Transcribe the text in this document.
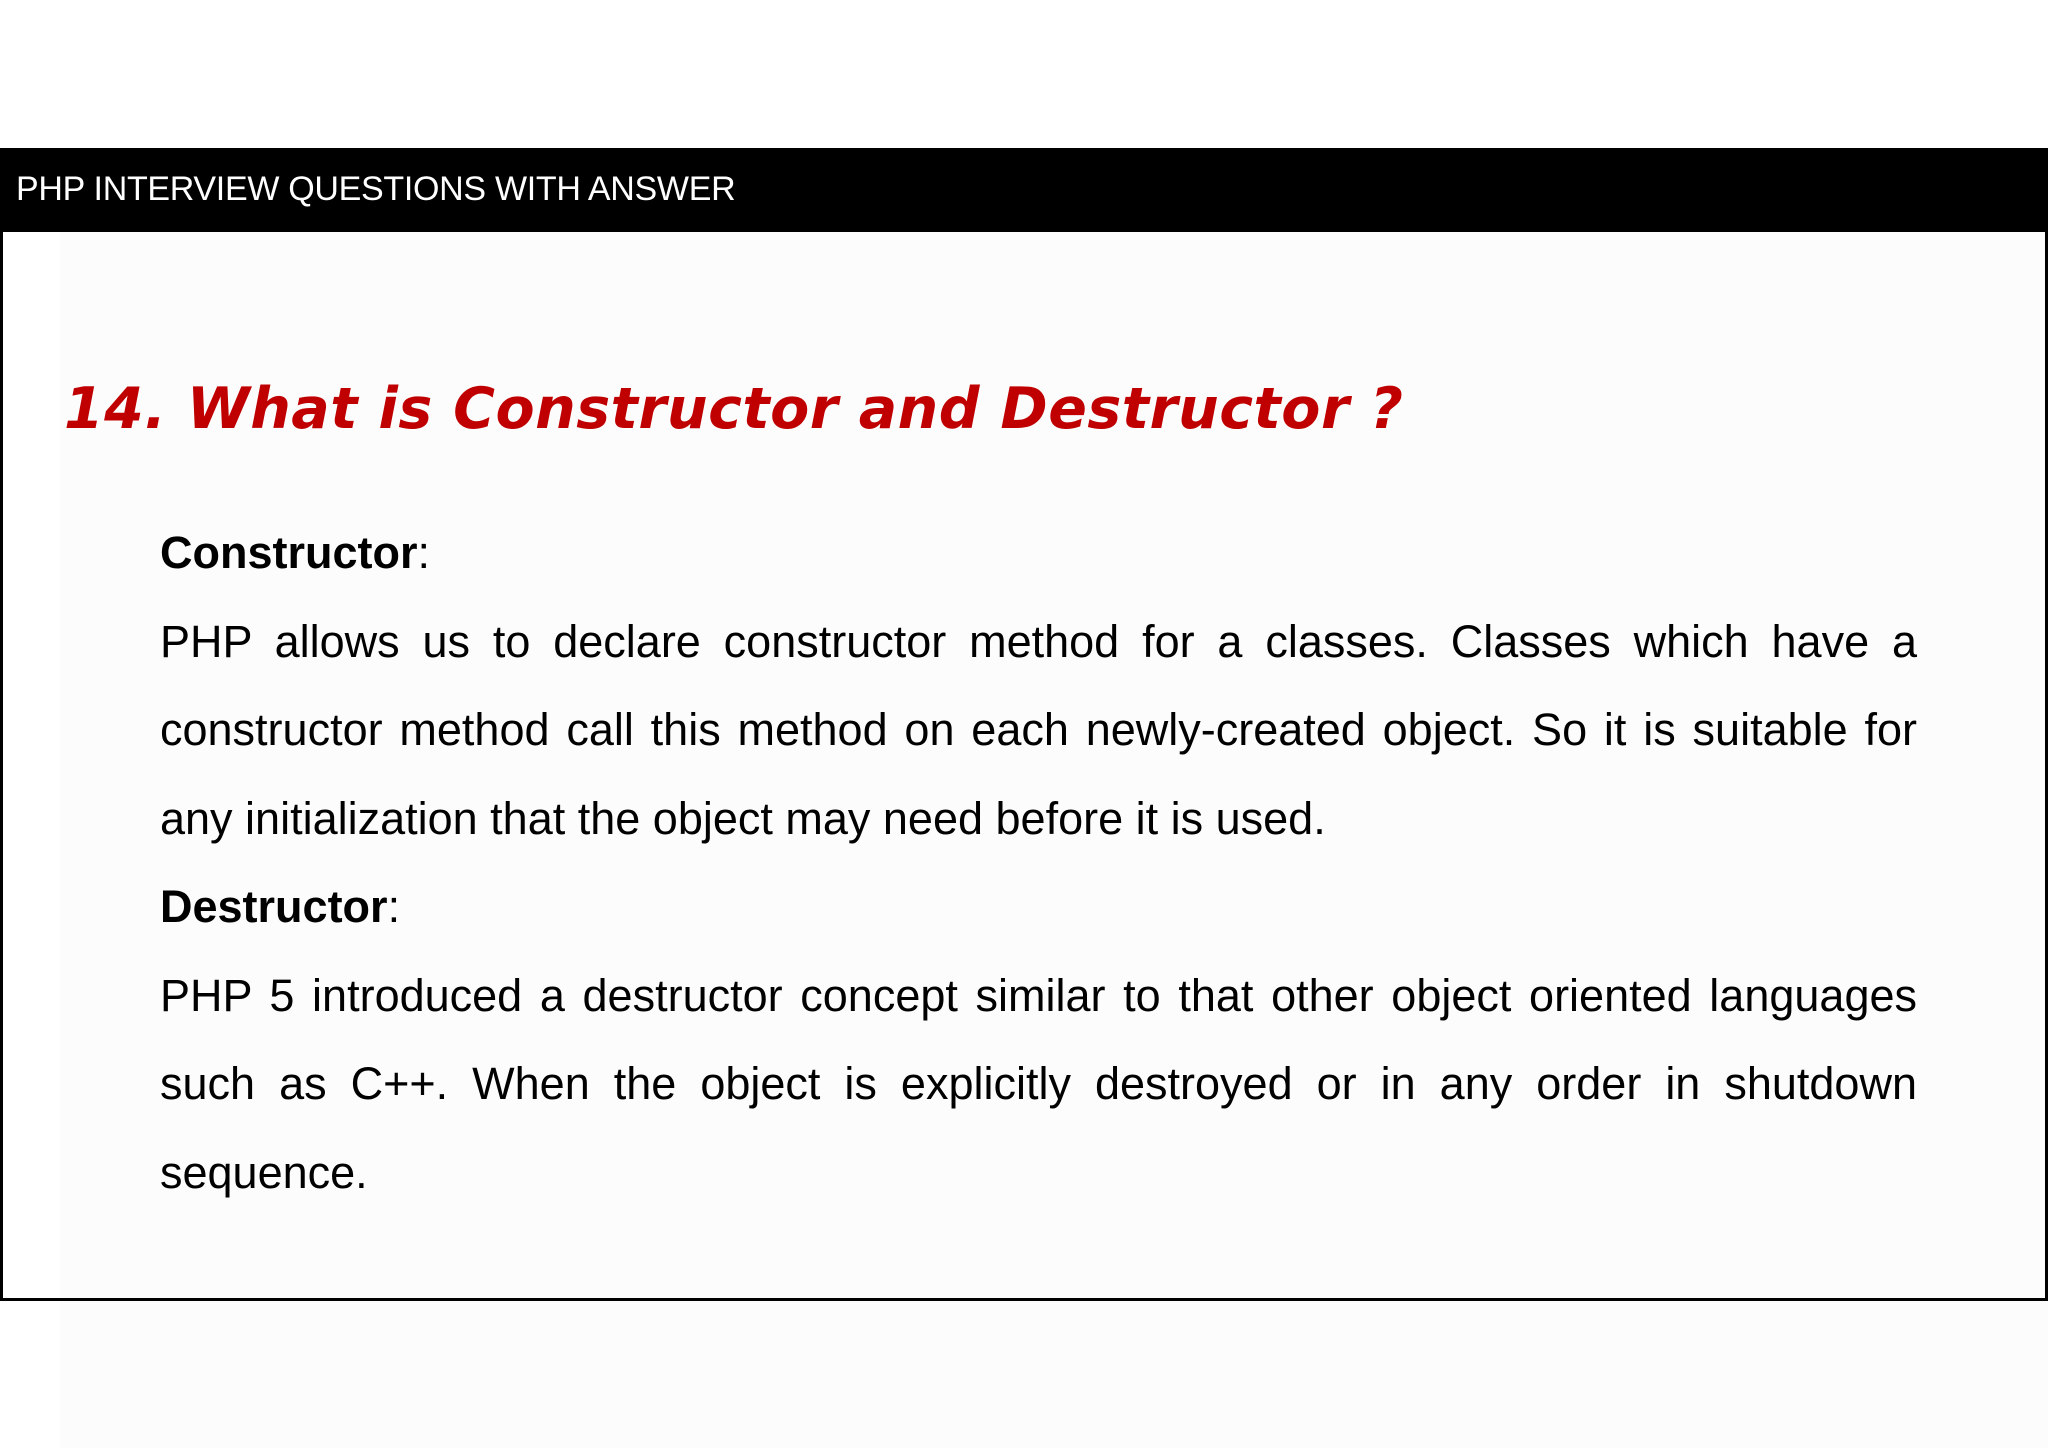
PHP INTERVIEW QUESTIONS WITH ANSWER
14. What is Constructor and Destructor ?

Constructor:

PHP allows us to declare constructor method for a classes. Classes which have a constructor method call this method on each newly-created object. So it is suitable for any initialization that the object may need before it is used.

Destructor:

PHP 5 introduced a destructor concept similar to that other object oriented languages such as C++. When the object is explicitly destroyed or in any order in shutdown sequence.
